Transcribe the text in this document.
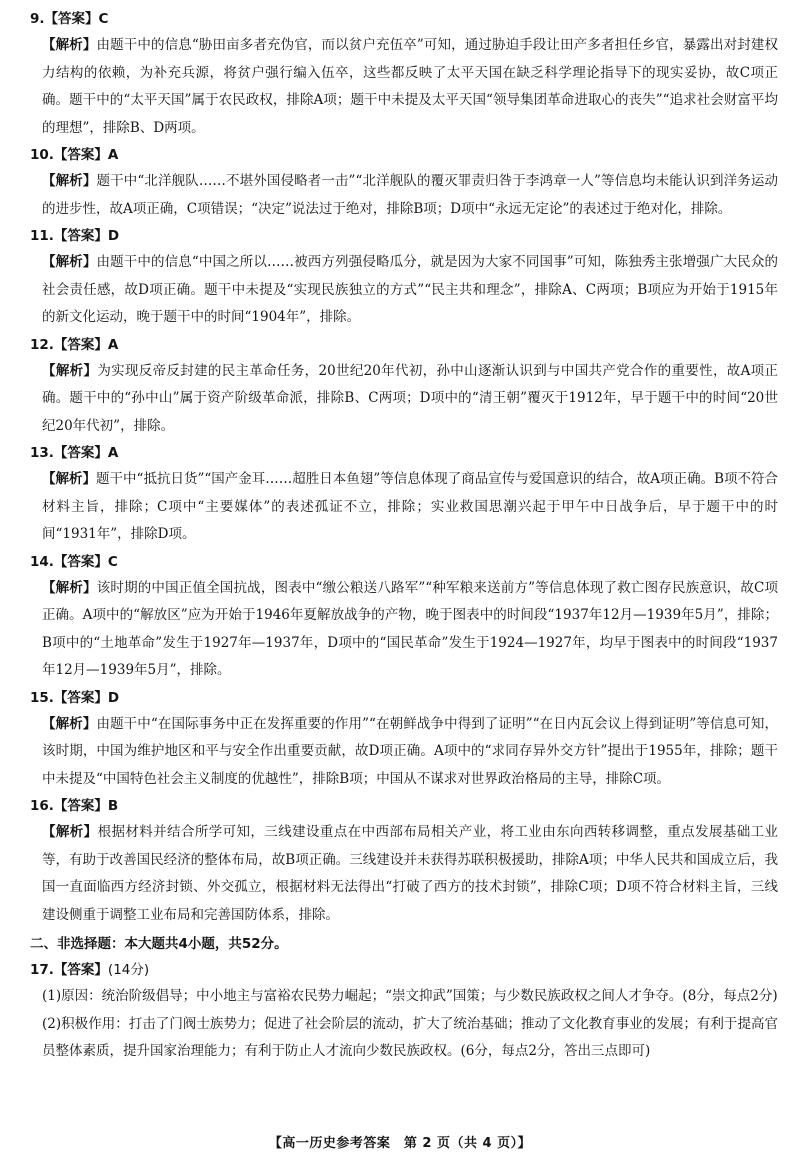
9.【答案】C

【解析】由题干中的信息“胁田亩多者充伪官，而以贫户充伍卒”可知，通过胁迫手段让田产多者担任乡官，暴露出对封建权力结构的依赖，为补充兵源，将贫户强行编入伍卒，这些都反映了太平天国在缺乏科学理论指导下的现实妥协，故C项正确。题干中的“太平天国”属于农民政权，排除A项；题干中未提及太平天国“领导集团革命进取心的丧失”“追求社会财富平均的理想”，排除B、D两项。

10.【答案】A

【解析】题干中“北洋舰队……不堪外国侵略者一击”“北洋舰队的覆灭罪责归咎于李鸿章一人”等信息均未能认识到洋务运动的进步性，故A项正确，C项错误；“决定”说法过于绝对，排除B项；D项中“永远无定论”的表述过于绝对化，排除。

11.【答案】D

【解析】由题干中的信息“中国之所以……被西方列强侵略瓜分，就是因为大家不同国事”可知，陈独秀主张增强广大民众的社会责任感，故D项正确。题干中未提及“实现民族独立的方式”“民主共和理念”，排除A、C两项；B项应为开始于1915年的新文化运动，晚于题干中的时间“1904年”，排除。

12.【答案】A

【解析】为实现反帝反封建的民主革命任务，20世纪20年代初，孙中山逐渐认识到与中国共产党合作的重要性，故A项正确。题干中的“孙中山”属于资产阶级革命派，排除B、C两项；D项中的“清王朝”覆灭于1912年，早于题干中的时间“20世纪20年代初”，排除。

13.【答案】A

【解析】题干中“抵抗日货”“国产金耳……超胜日本鱼翅”等信息体现了商品宣传与爱国意识的结合，故A项正确。B项不符合材料主旨，排除；C项中“主要媒体”的表述孤证不立，排除；实业救国思潮兴起于甲午中日战争后，早于题干中的时间“1931年”，排除D项。

14.【答案】C

【解析】该时期的中国正值全国抗战，图表中“缴公粮送八路军”“种军粮来送前方”等信息体现了救亡图存民族意识，故C项正确。A项中的“解放区”应为开始于1946年夏解放战争的产物，晚于图表中的时间段“1937年12月—1939年5月”，排除；B项中的“土地革命”发生于1927年—1937年，D项中的“国民革命”发生于1924—1927年，均早于图表中的时间段“1937年12月—1939年5月”，排除。

15.【答案】D

【解析】由题干中“在国际事务中正在发挥重要的作用”“在朝鲜战争中得到了证明”“在日内瓦会议上得到证明”等信息可知，该时期，中国为维护地区和平与安全作出重要贡献，故D项正确。A项中的“求同存异外交方针”提出于1955年，排除；题干中未提及“中国特色社会主义制度的优越性”，排除B项；中国从不谋求对世界政治格局的主导，排除C项。

16.【答案】B

【解析】根据材料并结合所学可知，三线建设重点在中西部布局相关产业，将工业由东向西转移调整，重点发展基础工业等，有助于改善国民经济的整体布局，故B项正确。三线建设并未获得苏联积极援助，排除A项；中华人民共和国成立后，我国一直面临西方经济封锁、外交孤立，根据材料无法得出“打破了西方的技术封锁”，排除C项；D项不符合材料主旨，三线建设侧重于调整工业布局和完善国防体系，排除。

二、非选择题：本大题共4小题，共52分。

17.【答案】(14分)

(1)原因：统治阶级倡导；中小地主与富裕农民势力崛起；“崇文抑武”国策；与少数民族政权之间人才争夺。(8分，每点2分)

(2)积极作用：打击了门阀士族势力；促进了社会阶层的流动，扩大了统治基础；推动了文化教育事业的发展；有利于提高官员整体素质，提升国家治理能力；有利于防止人才流向少数民族政权。(6分，每点2分，答出三点即可)

【高一历史参考答案　第 2 页（共 4 页）】
